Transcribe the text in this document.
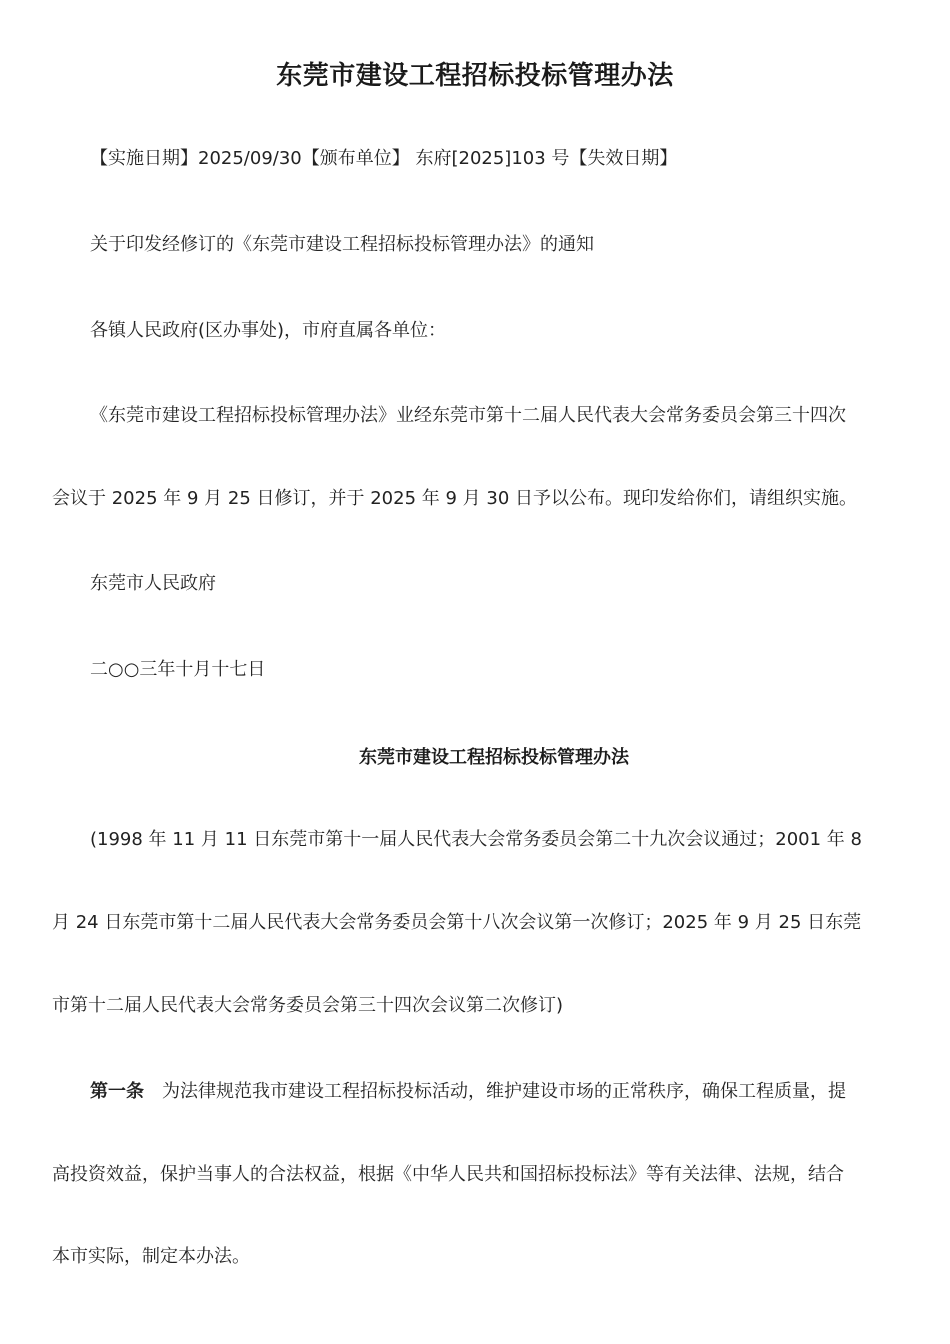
东莞市建设工程招标投标管理办法
【实施日期】2025/09/30【颁布单位】 东府[2025]103 号【失效日期】
关于印发经修订的《东莞市建设工程招标投标管理办法》的通知
各镇人民政府(区办事处)，市府直属各单位：
《东莞市建设工程招标投标管理办法》业经东莞市第十二届人民代表大会常务委员会第三十四次
会议于 2025 年 9 月 25 日修订，并于 2025 年 9 月 30 日予以公布。现印发给你们，请组织实施。
东莞市人民政府
二○○三年十月十七日
东莞市建设工程招标投标管理办法
(1998 年 11 月 11 日东莞市第十一届人民代表大会常务委员会第二十九次会议通过；2001 年 8
月 24 日东莞市第十二届人民代表大会常务委员会第十八次会议第一次修订；2025 年 9 月 25 日东莞
市第十二届人民代表大会常务委员会第三十四次会议第二次修订)
第一条 为法律规范我市建设工程招标投标活动，维护建设市场的正常秩序，确保工程质量，提
高投资效益，保护当事人的合法权益，根据《中华人民共和国招标投标法》等有关法律、法规，结合
本市实际，制定本办法。
